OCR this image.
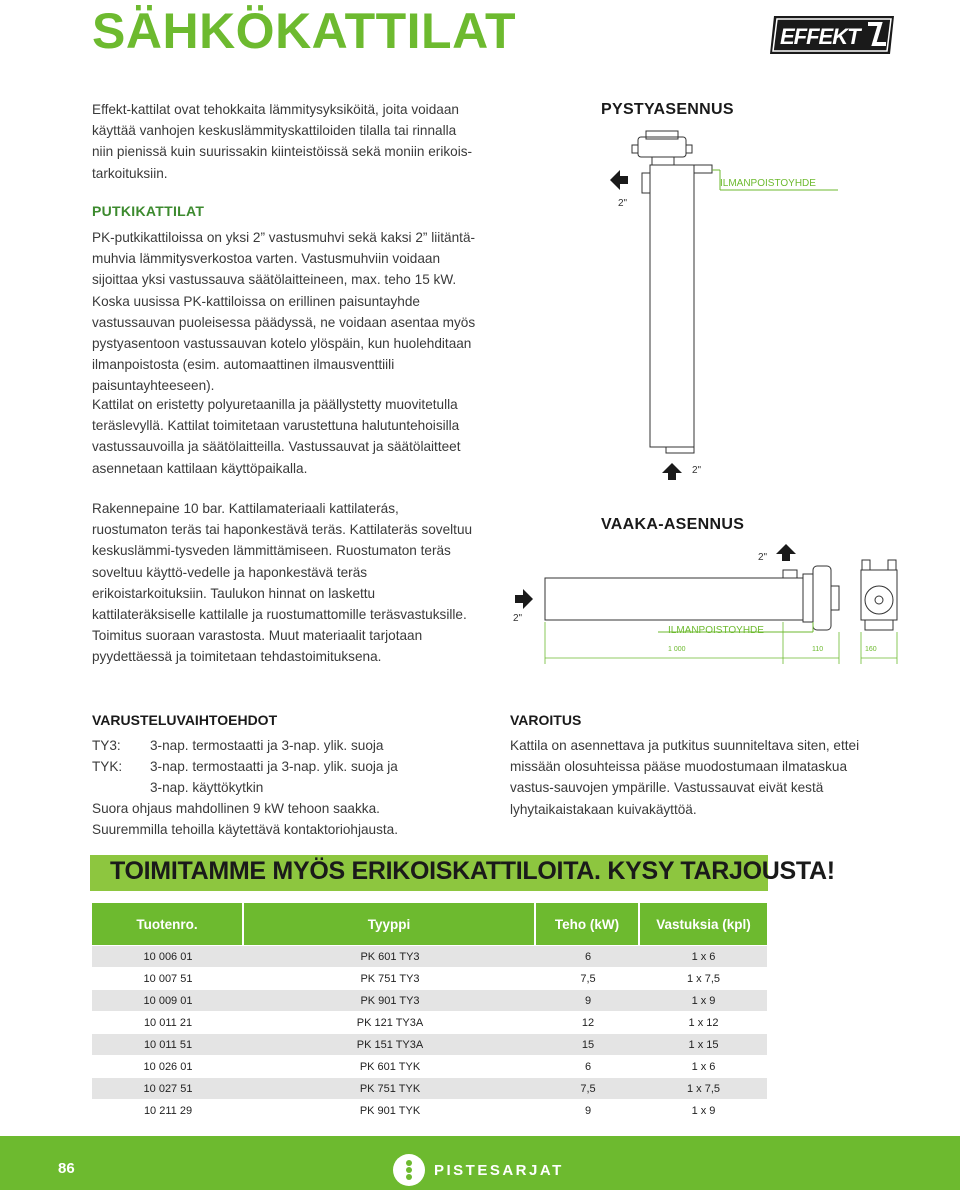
SÄHKÖKATTILAT	EFFEKT
Effekt-kattilat ovat tehokkaita lämmitysyksiköitä, joita voidaan käyttää vanhojen keskuslämmityskattiloiden tilalla tai rinnalla niin pienissä kuin suurissakin kiinteistöissä sekä moniin erikois-tarkoituksiin.
PUTKIKATTILAT
PK-putkikattiloissa on yksi 2” vastusmuhvi sekä kaksi 2” liitäntä-muhvia lämmitysverkostoa varten. Vastusmuhviin voidaan sijoittaa yksi vastussauva säätölaitteineen, max. teho 15 kW. Koska uusissa PK-kattiloissa on erillinen paisuntayhde vastussauvan puoleisessa päädyssä, ne voidaan asentaa myös pystyasentoon vastussauvan kotelo ylöspäin, kun huolehditaan ilmanpoistosta (esim. automaattinen ilmausventtiili paisuntayhteeseen).
Kattilat on eristetty polyuretaanilla ja päällystetty muovitetulla teräslevyllä. Kattilat toimitetaan varustettuna halutuntehoisilla vastussauvoilla ja säätölaitteilla. Vastussauvat ja säätölaitteet asennetaan kattilaan käyttöpaikalla.
Rakennepaine 10 bar. Kattilamateriaali kattilaterás, ruostumaton teräs tai haponkestävä teräs. Kattilateräs soveltuu keskuslämmi-tysveden lämmittämiseen. Ruostumaton teräs soveltuu käyttö-vedelle ja haponkestävä teräs erikoistarkoituksiin. Taulukon hinnat on laskettu kattilateräksiselle kattilalle ja ruostumattomille teräsvastuksille. Toimitus suoraan varastosta. Muut materiaalit tarjotaan pyydettäessä ja toimitetaan tehdastoimituksena.
PYSTYASENNUS
ILMANPOISTOYHDE
2"
2"
VAAKA-ASENNUS
2"
2"
ILMANPOISTOYHDE
1 000	110	160
VARUSTELUVAIHTOEHDOT
TY3:	3-nap. termostaatti ja 3-nap. ylik. suoja
TYK:	3-nap. termostaatti ja 3-nap. ylik. suoja ja
3-nap. käyttökytkin
Suora ohjaus mahdollinen 9 kW tehoon saakka.
Suuremmilla tehoilla käytettävä kontaktoriohjausta.
VAROITUS
Kattila on asennettava ja putkitus suunniteltava siten, ettei missään olosuhteissa pääse muodostumaan ilmataskua vastus-sauvojen ympärille. Vastussauvat eivät kestä lyhytaikaistakaan kuivakäyttöä.
TOIMITAMME MYÖS ERIKOISKATTILOITA. KYSY TARJOUSTA!
Tuotenro.	Tyyppi	Teho (kW)	Vastuksia (kpl)
10 006 01	PK 601 TY3	6	1 x 6
10 007 51	PK 751 TY3	7,5	1 x 7,5
10 009 01	PK 901 TY3	9	1 x 9
10 011 21	PK 121 TY3A	12	1 x 12
10 011 51	PK 151 TY3A	15	1 x 15
10 026 01	PK 601 TYK	6	1 x 6
10 027 51	PK 751 TYK	7,5	1 x 7,5
10 211 29	PK 901 TYK	9	1 x 9
86	PISTESARJAT
